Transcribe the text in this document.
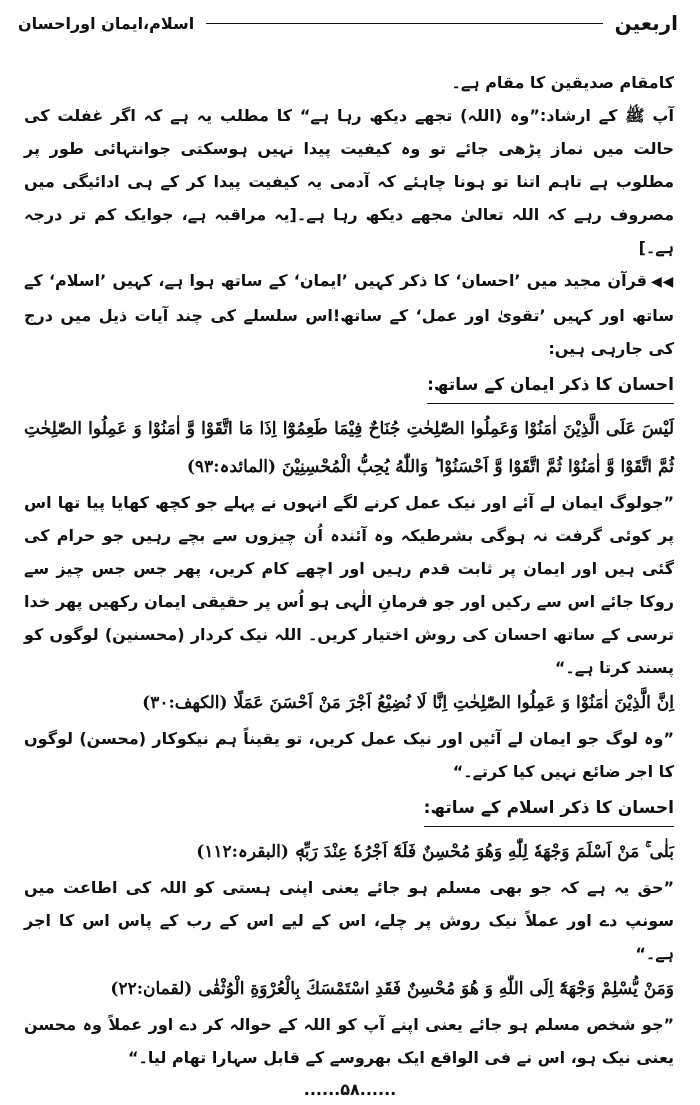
اربعین
اسلام،ایمان اوراحسان

کامقام صدیقین کا مقام ہے۔

آپ ﷺ کے ارشاد:”وہ (اللہ) تجھے دیکھ رہا ہے“ کا مطلب یہ ہے کہ اگر غفلت کی حالت میں نماز پڑھی جائے تو وہ کیفیت پیدا نہیں ہوسکتی جوانتہائی طور پر مطلوب ہے تاہم اتنا تو ہونا چاہئے کہ آدمی یہ کیفیت پیدا کر کے ہی ادائیگی میں مصروف رہے کہ اللہ تعالیٰ مجھے دیکھ رہا ہے۔[یہ مراقبہ ہے، جوایک کم تر درجہ ہے۔]

◀◀قرآن مجید میں ’احسان‘ کا ذکر کہیں ’ایمان‘ کے ساتھ ہوا ہے، کہیں ’اسلام‘ کے ساتھ اور کہیں ’تقویٰ اور عمل‘ کے ساتھ!اس سلسلے کی چند آیات ذیل میں درج کی جارہی ہیں:

احسان کا ذکر ایمان کے ساتھ:

لَيْسَ عَلَى الَّذِيْنَ اٰمَنُوْا وَعَمِلُوا الصّٰلِحٰتِ جُنَاحٌ فِيْمَا طَعِمُوْٓا اِذَا مَا اتَّقَوْا وَّ اٰمَنُوْا وَ عَمِلُوا الصّٰلِحٰتِ ثُمَّ اتَّقَوْا وَّ اٰمَنُوْا ثُمَّ اتَّقَوْا وَّ اَحْسَنُوْا ؕ وَاللّٰهُ يُحِبُّ الْمُحْسِنِيْنَ (المائدہ:۹۳)

”جولوگ ایمان لے آئے اور نیک عمل کرنے لگے انہوں نے پہلے جو کچھ کھایا پیا تھا اس پر کوئی گرفت نہ ہوگی بشرطیکہ وہ آئندہ اُن چیزوں سے بچے رہیں جو حرام کی گئی ہیں اور ایمان پر ثابت قدم رہیں اور اچھے کام کریں، پھر جس جس چیز سے روکا جائے اس سے رکیں اور جو فرمانِ الٰہی ہو اُس پر حقیقی ایمان رکھیں پھر خدا ترسی کے ساتھ احسان کی روش اختیار کریں۔ اللہ نیک کردار (محسنین) لوگوں کو پسند کرتا ہے۔“

اِنَّ الَّذِيْنَ اٰمَنُوْا وَ عَمِلُوا الصّٰلِحٰتِ اِنَّا لَا نُضِيْعُ اَجْرَ مَنْ اَحْسَنَ عَمَلًا (الکھف:۳۰)

”وہ لوگ جو ایمان لے آئیں اور نیک عمل کریں، تو یقیناً ہم نیکوکار (محسن) لوگوں کا اجر ضائع نہیں کیا کرتے۔“

احسان کا ذکر اسلام کے ساتھ:

بَلٰى ۚ مَنْ اَسْلَمَ وَجْهَهٗ لِلّٰهِ وَهُوَ مُحْسِنٌ فَلَهٗٓ اَجْرُهٗ عِنْدَ رَبِّهٖ (البقرہ:۱۱۲)

”حق یہ ہے کہ جو بھی مسلم ہو جائے یعنی اپنی ہستی کو اللہ کی اطاعت میں سونپ دے اور عملاً نیک روش پر چلے، اس کے لیے اس کے رب کے پاس اس کا اجر ہے۔“

وَمَنْ يُّسْلِمْ وَجْهَهٗٓ اِلَى اللّٰهِ وَ هُوَ مُحْسِنٌ فَقَدِ اسْتَمْسَكَ بِالْعُرْوَةِ الْوُثْقٰى (لقمان:۲۲)

”جو شخص مسلم ہو جائے یعنی اپنے آپ کو اللہ کے حوالہ کر دے اور عملاً وہ محسن یعنی نیک ہو، اس نے فی الواقع ایک بھروسے کے قابل سہارا تھام لیا۔“

......۵۸......
